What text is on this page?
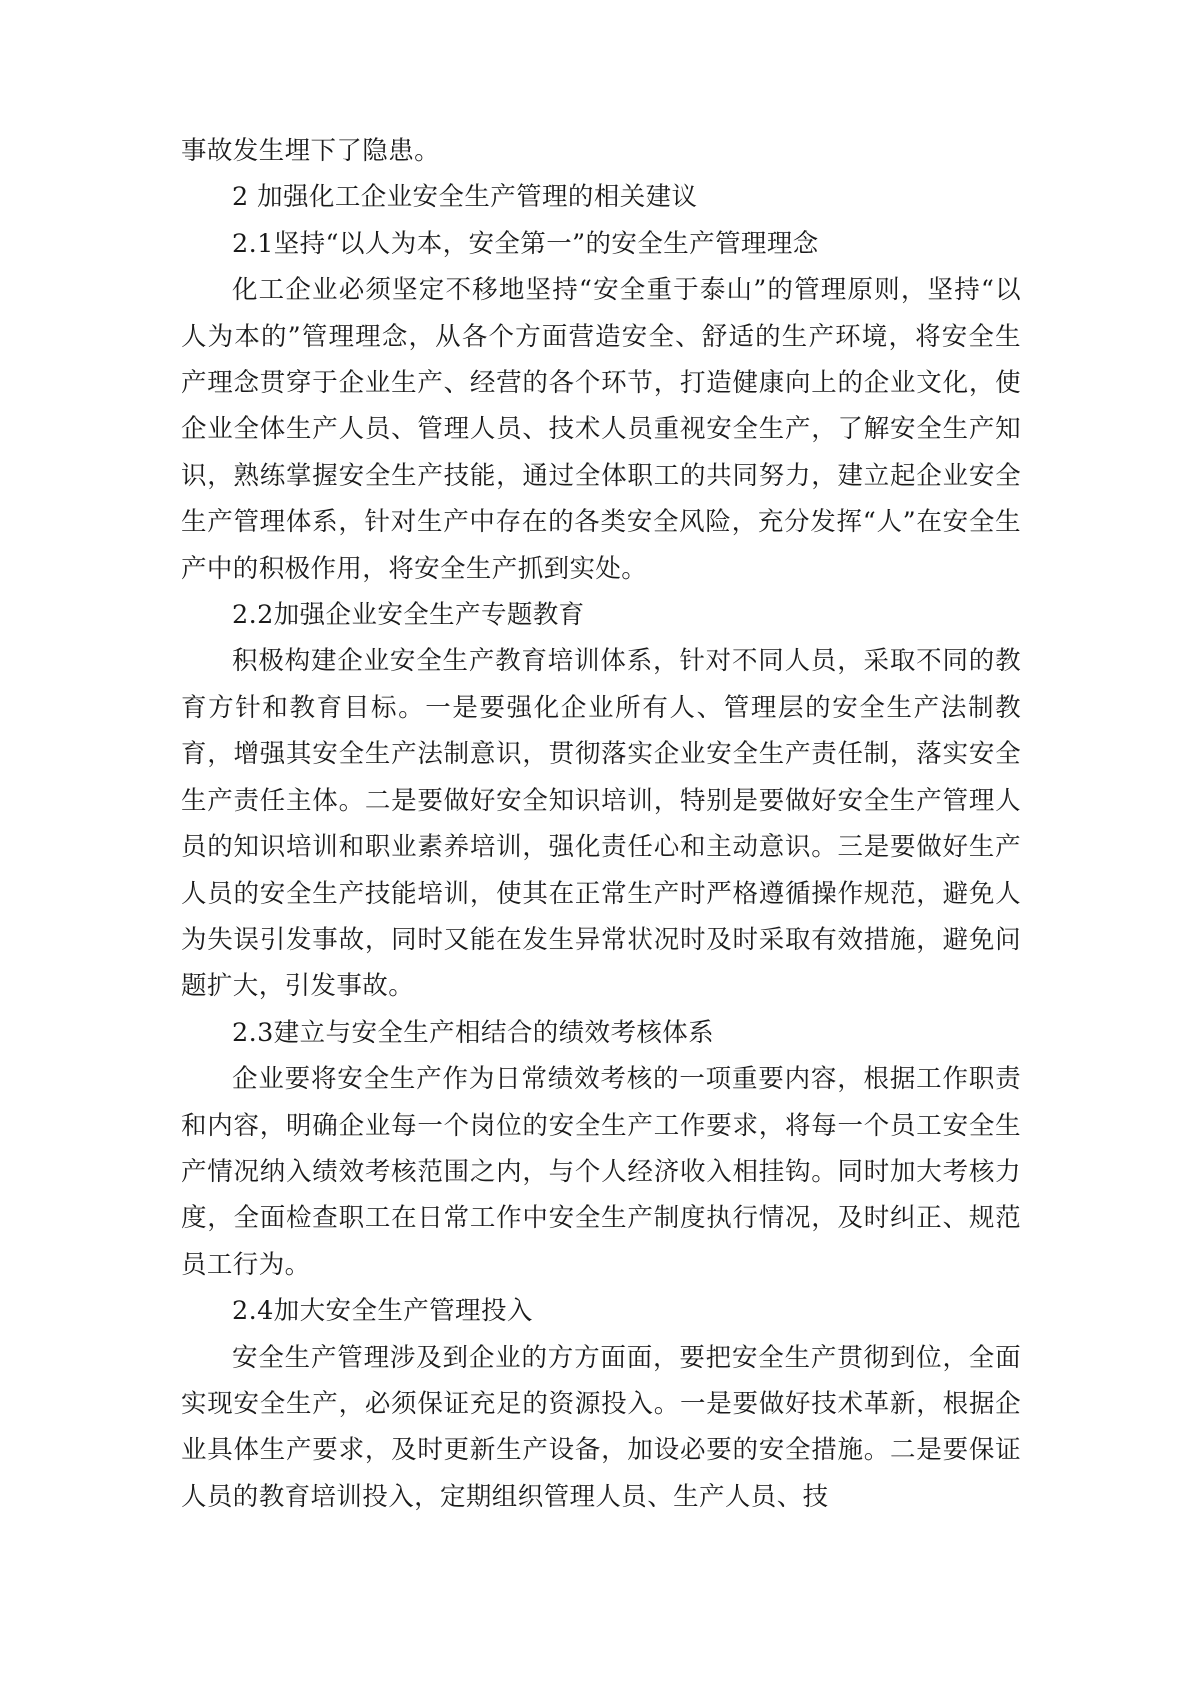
事故发生埋下了隐患。

2 加强化工企业安全生产管理的相关建议

2.1坚持“以人为本，安全第一”的安全生产管理理念

化工企业必须坚定不移地坚持“安全重于泰山”的管理原则，坚持“以人为本的”管理理念，从各个方面营造安全、舒适的生产环境，将安全生产理念贯穿于企业生产、经营的各个环节，打造健康向上的企业文化，使企业全体生产人员、管理人员、技术人员重视安全生产，了解安全生产知识，熟练掌握安全生产技能，通过全体职工的共同努力，建立起企业安全生产管理体系，针对生产中存在的各类安全风险，充分发挥“人”在安全生产中的积极作用，将安全生产抓到实处。

2.2加强企业安全生产专题教育

积极构建企业安全生产教育培训体系，针对不同人员，采取不同的教育方针和教育目标。一是要强化企业所有人、管理层的安全生产法制教育，增强其安全生产法制意识，贯彻落实企业安全生产责任制，落实安全生产责任主体。二是要做好安全知识培训，特别是要做好安全生产管理人员的知识培训和职业素养培训，强化责任心和主动意识。三是要做好生产人员的安全生产技能培训，使其在正常生产时严格遵循操作规范，避免人为失误引发事故，同时又能在发生异常状况时及时采取有效措施，避免问题扩大，引发事故。

2.3建立与安全生产相结合的绩效考核体系

企业要将安全生产作为日常绩效考核的一项重要内容，根据工作职责和内容，明确企业每一个岗位的安全生产工作要求，将每一个员工安全生产情况纳入绩效考核范围之内，与个人经济收入相挂钩。同时加大考核力度，全面检查职工在日常工作中安全生产制度执行情况，及时纠正、规范员工行为。

2.4加大安全生产管理投入

安全生产管理涉及到企业的方方面面，要把安全生产贯彻到位，全面实现安全生产，必须保证充足的资源投入。一是要做好技术革新，根据企业具体生产要求，及时更新生产设备，加设必要的安全措施。二是要保证人员的教育培训投入，定期组织管理人员、生产人员、技
